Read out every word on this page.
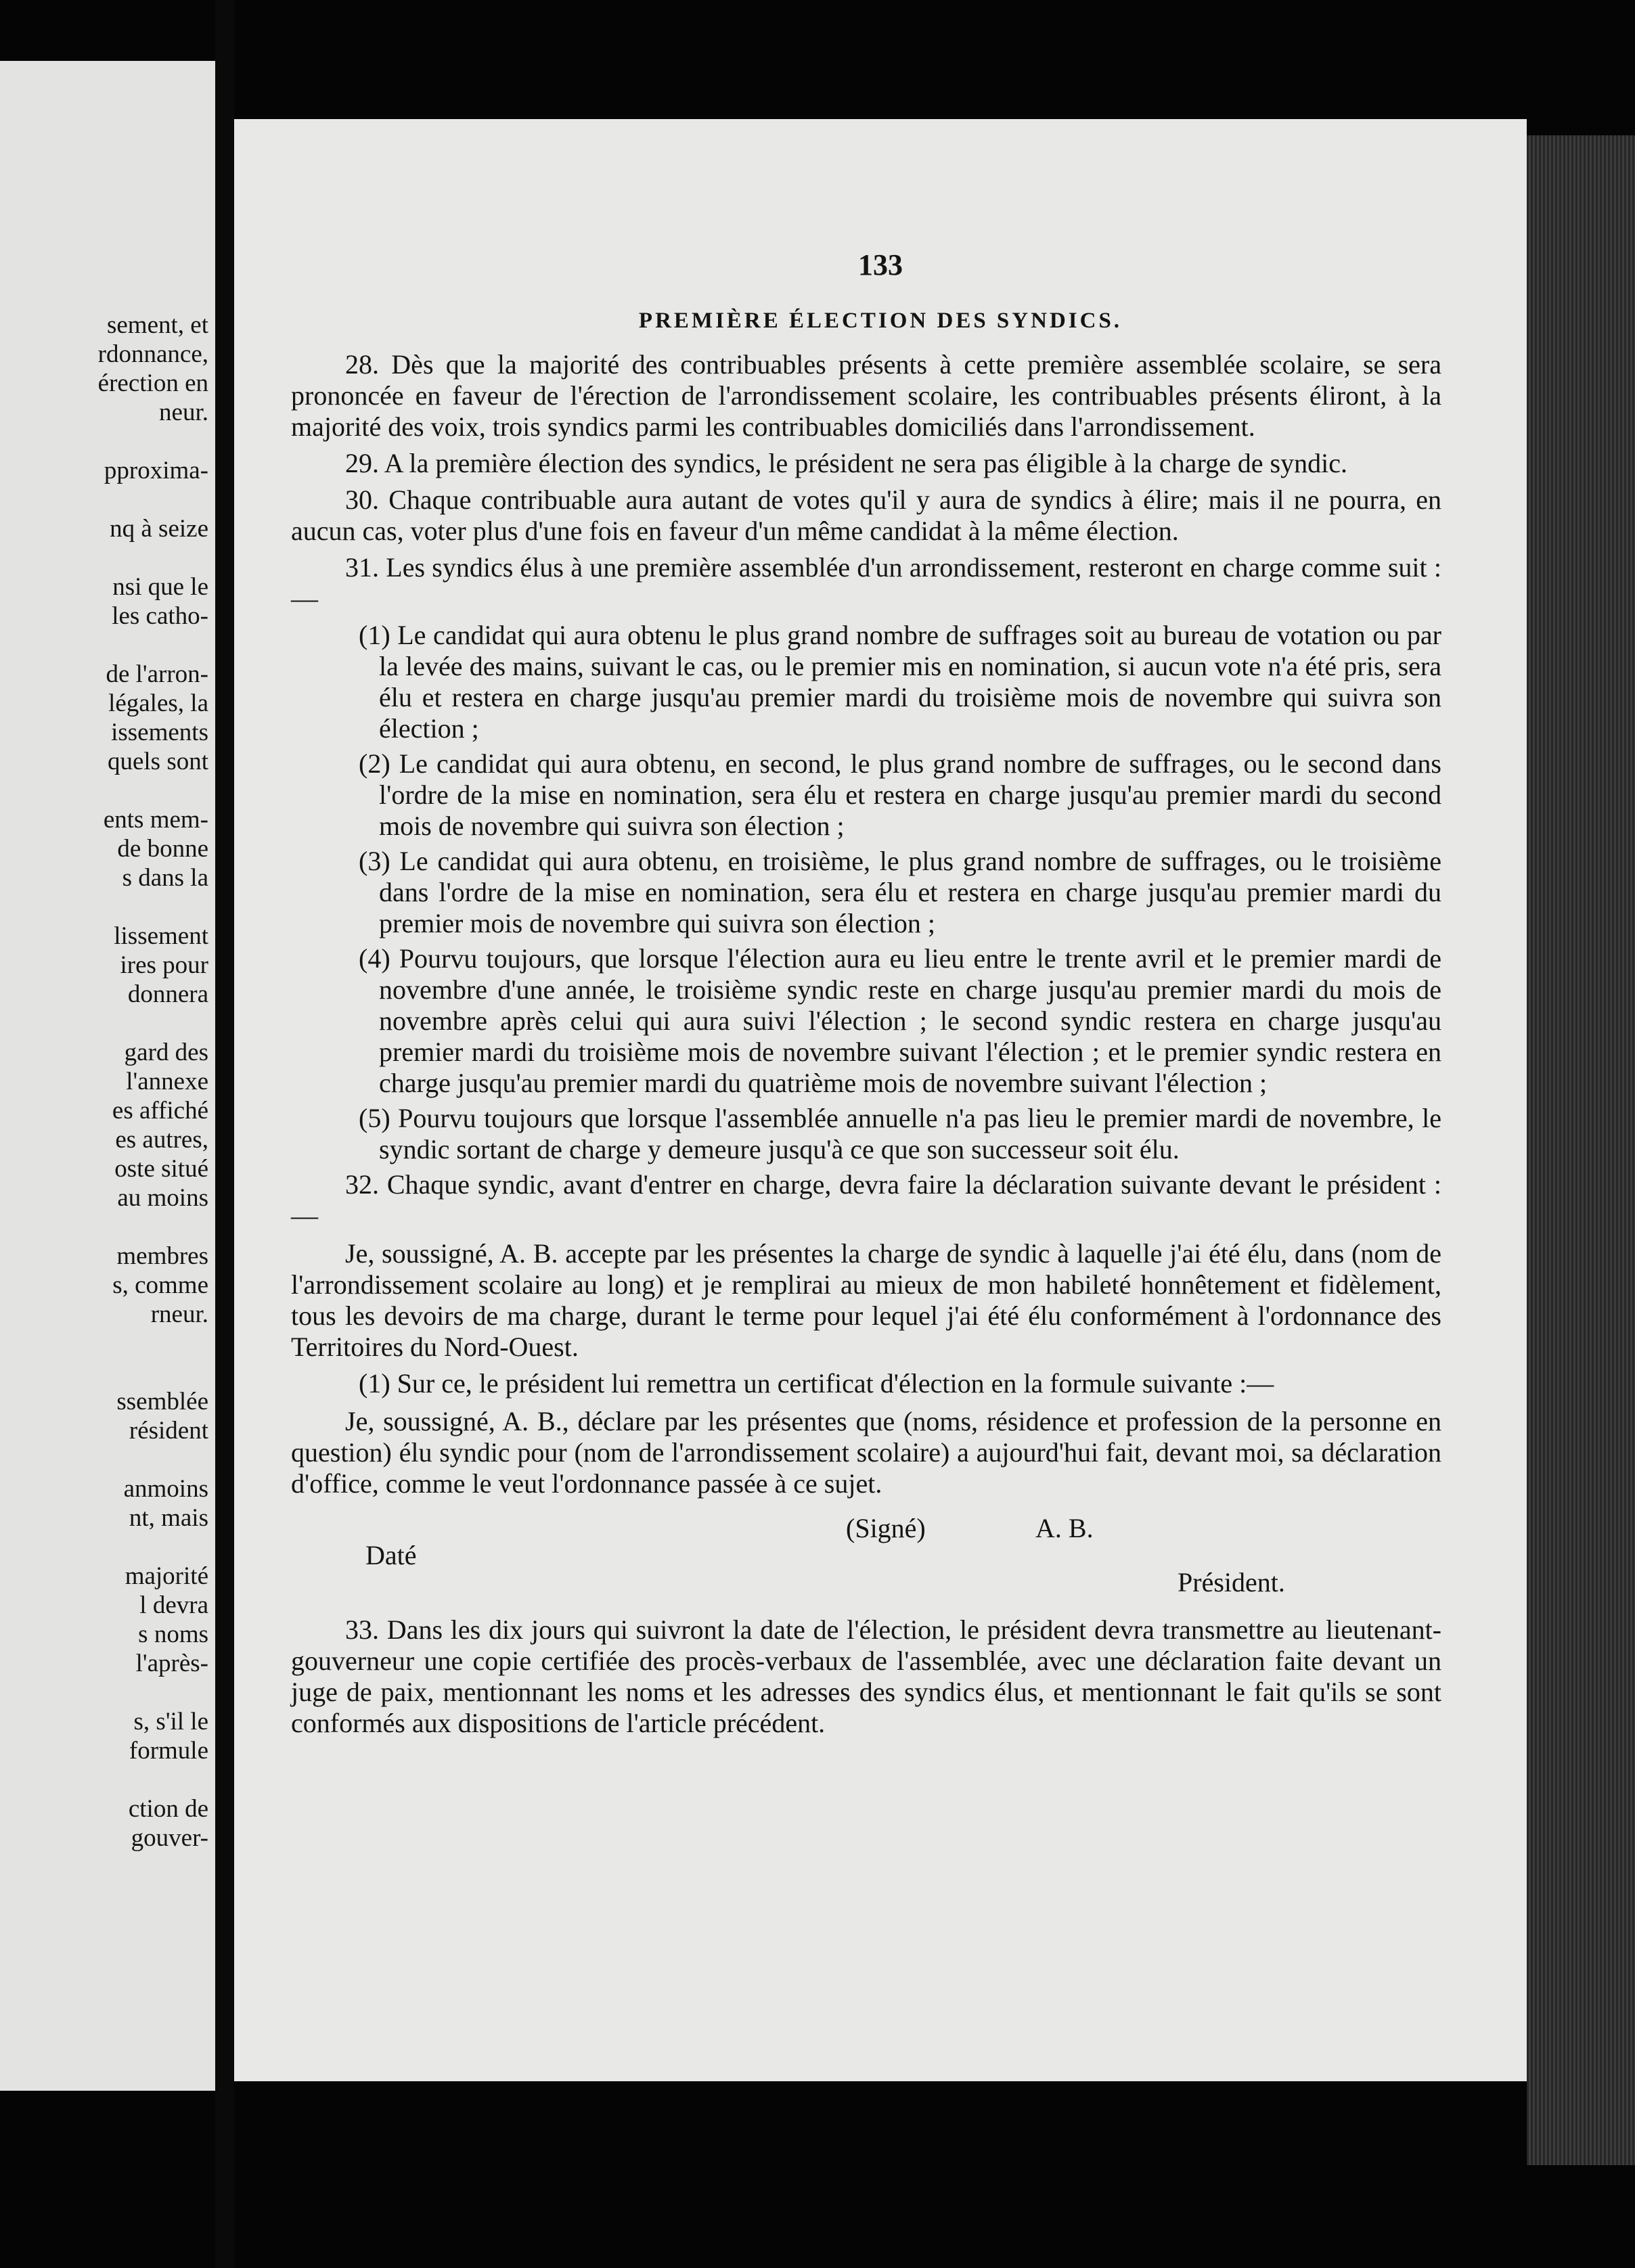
sement, et
rdonnance,
érection en
neur.
pproxima-
nq à seize
nsi que le
les catho-
de l'arron-
légales, la
issements
quels sont
ents mem-
de bonne
s dans la
lissement
ires pour
donnera
gard des
l'annexe
es affiché
es autres,
oste situé
au moins
membres
s, comme
rneur.
ssemblée
résident
anmoins
nt, mais
majorité
l devra
s noms
l'après-
s, s'il le
formule
ction de
gouver-
133
PREMIÈRE ÉLECTION DES SYNDICS.

28. Dès que la majorité des contribuables présents à cette première assemblée scolaire, se sera prononcée en faveur de l'érection de l'arrondissement scolaire, les contribuables présents éliront, à la majorité des voix, trois syndics parmi les contribuables domiciliés dans l'arrondissement.

29. A la première élection des syndics, le président ne sera pas éligible à la charge de syndic.

30. Chaque contribuable aura autant de votes qu'il y aura de syndics à élire; mais il ne pourra, en aucun cas, voter plus d'une fois en faveur d'un même candidat à la même élection.

31. Les syndics élus à une première assemblée d'un arrondissement, resteront en charge comme suit :—

(1) Le candidat qui aura obtenu le plus grand nombre de suffrages soit au bureau de votation ou par la levée des mains, suivant le cas, ou le premier mis en nomination, si aucun vote n'a été pris, sera élu et restera en charge jusqu'au premier mardi du troisième mois de novembre qui suivra son élection ;

(2) Le candidat qui aura obtenu, en second, le plus grand nombre de suffrages, ou le second dans l'ordre de la mise en nomination, sera élu et restera en charge jusqu'au premier mardi du second mois de novembre qui suivra son élection ;

(3) Le candidat qui aura obtenu, en troisième, le plus grand nombre de suffrages, ou le troisième dans l'ordre de la mise en nomination, sera élu et restera en charge jusqu'au premier mardi du premier mois de novembre qui suivra son élection ;

(4) Pourvu toujours, que lorsque l'élection aura eu lieu entre le trente avril et le premier mardi de novembre d'une année, le troisième syndic reste en charge jusqu'au premier mardi du mois de novembre après celui qui aura suivi l'élection ; le second syndic restera en charge jusqu'au premier mardi du troisième mois de novembre suivant l'élection ; et le premier syndic restera en charge jusqu'au premier mardi du quatrième mois de novembre suivant l'élection ;

(5) Pourvu toujours que lorsque l'assemblée annuelle n'a pas lieu le premier mardi de novembre, le syndic sortant de charge y demeure jusqu'à ce que son successeur soit élu.

32. Chaque syndic, avant d'entrer en charge, devra faire la déclaration suivante devant le président :—

Je, soussigné, A. B. accepte par les présentes la charge de syndic à laquelle j'ai été élu, dans (nom de l'arrondissement scolaire au long) et je remplirai au mieux de mon habileté honnêtement et fidèlement, tous les devoirs de ma charge, durant le terme pour lequel j'ai été élu conformément à l'ordonnance des Territoires du Nord-Ouest.

(1) Sur ce, le président lui remettra un certificat d'élection en la formule suivante :—

Je, soussigné, A. B., déclare par les présentes que (noms, résidence et profession de la personne en question) élu syndic pour (nom de l'arrondissement scolaire) a aujourd'hui fait, devant moi, sa déclaration d'office, comme le veut l'ordonnance passée à ce sujet.

Daté
(Signé)	A. B.
Président.

33. Dans les dix jours qui suivront la date de l'élection, le président devra transmettre au lieutenant-gouverneur une copie certifiée des procès-verbaux de l'assemblée, avec une déclaration faite devant un juge de paix, mentionnant les noms et les adresses des syndics élus, et mentionnant le fait qu'ils se sont conformés aux dispositions de l'article précédent.
